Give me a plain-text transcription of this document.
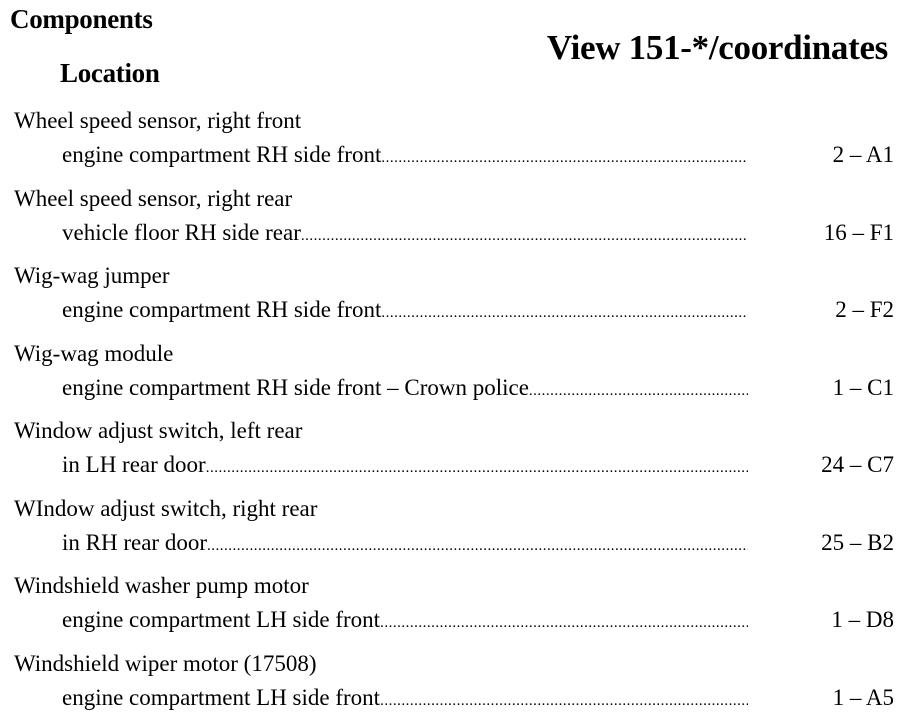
Components
Location
View 151-*/coordinates
Wheel speed sensor, right front
engine compartment RH side front .....	2 – A1
Wheel speed sensor, right rear
vehicle floor RH side rear .....	16 – F1
Wig-wag jumper
engine compartment RH side front .....	2 – F2
Wig-wag module
engine compartment RH side front – Crown police .....	1 – C1
Window adjust switch, left rear
in LH rear door .....	24 – C7
WIndow adjust switch, right rear
in RH rear door .....	25 – B2
Windshield washer pump motor
engine compartment LH side front .....	1 – D8
Windshield wiper motor (17508)
engine compartment LH side front .....	1 – A5
